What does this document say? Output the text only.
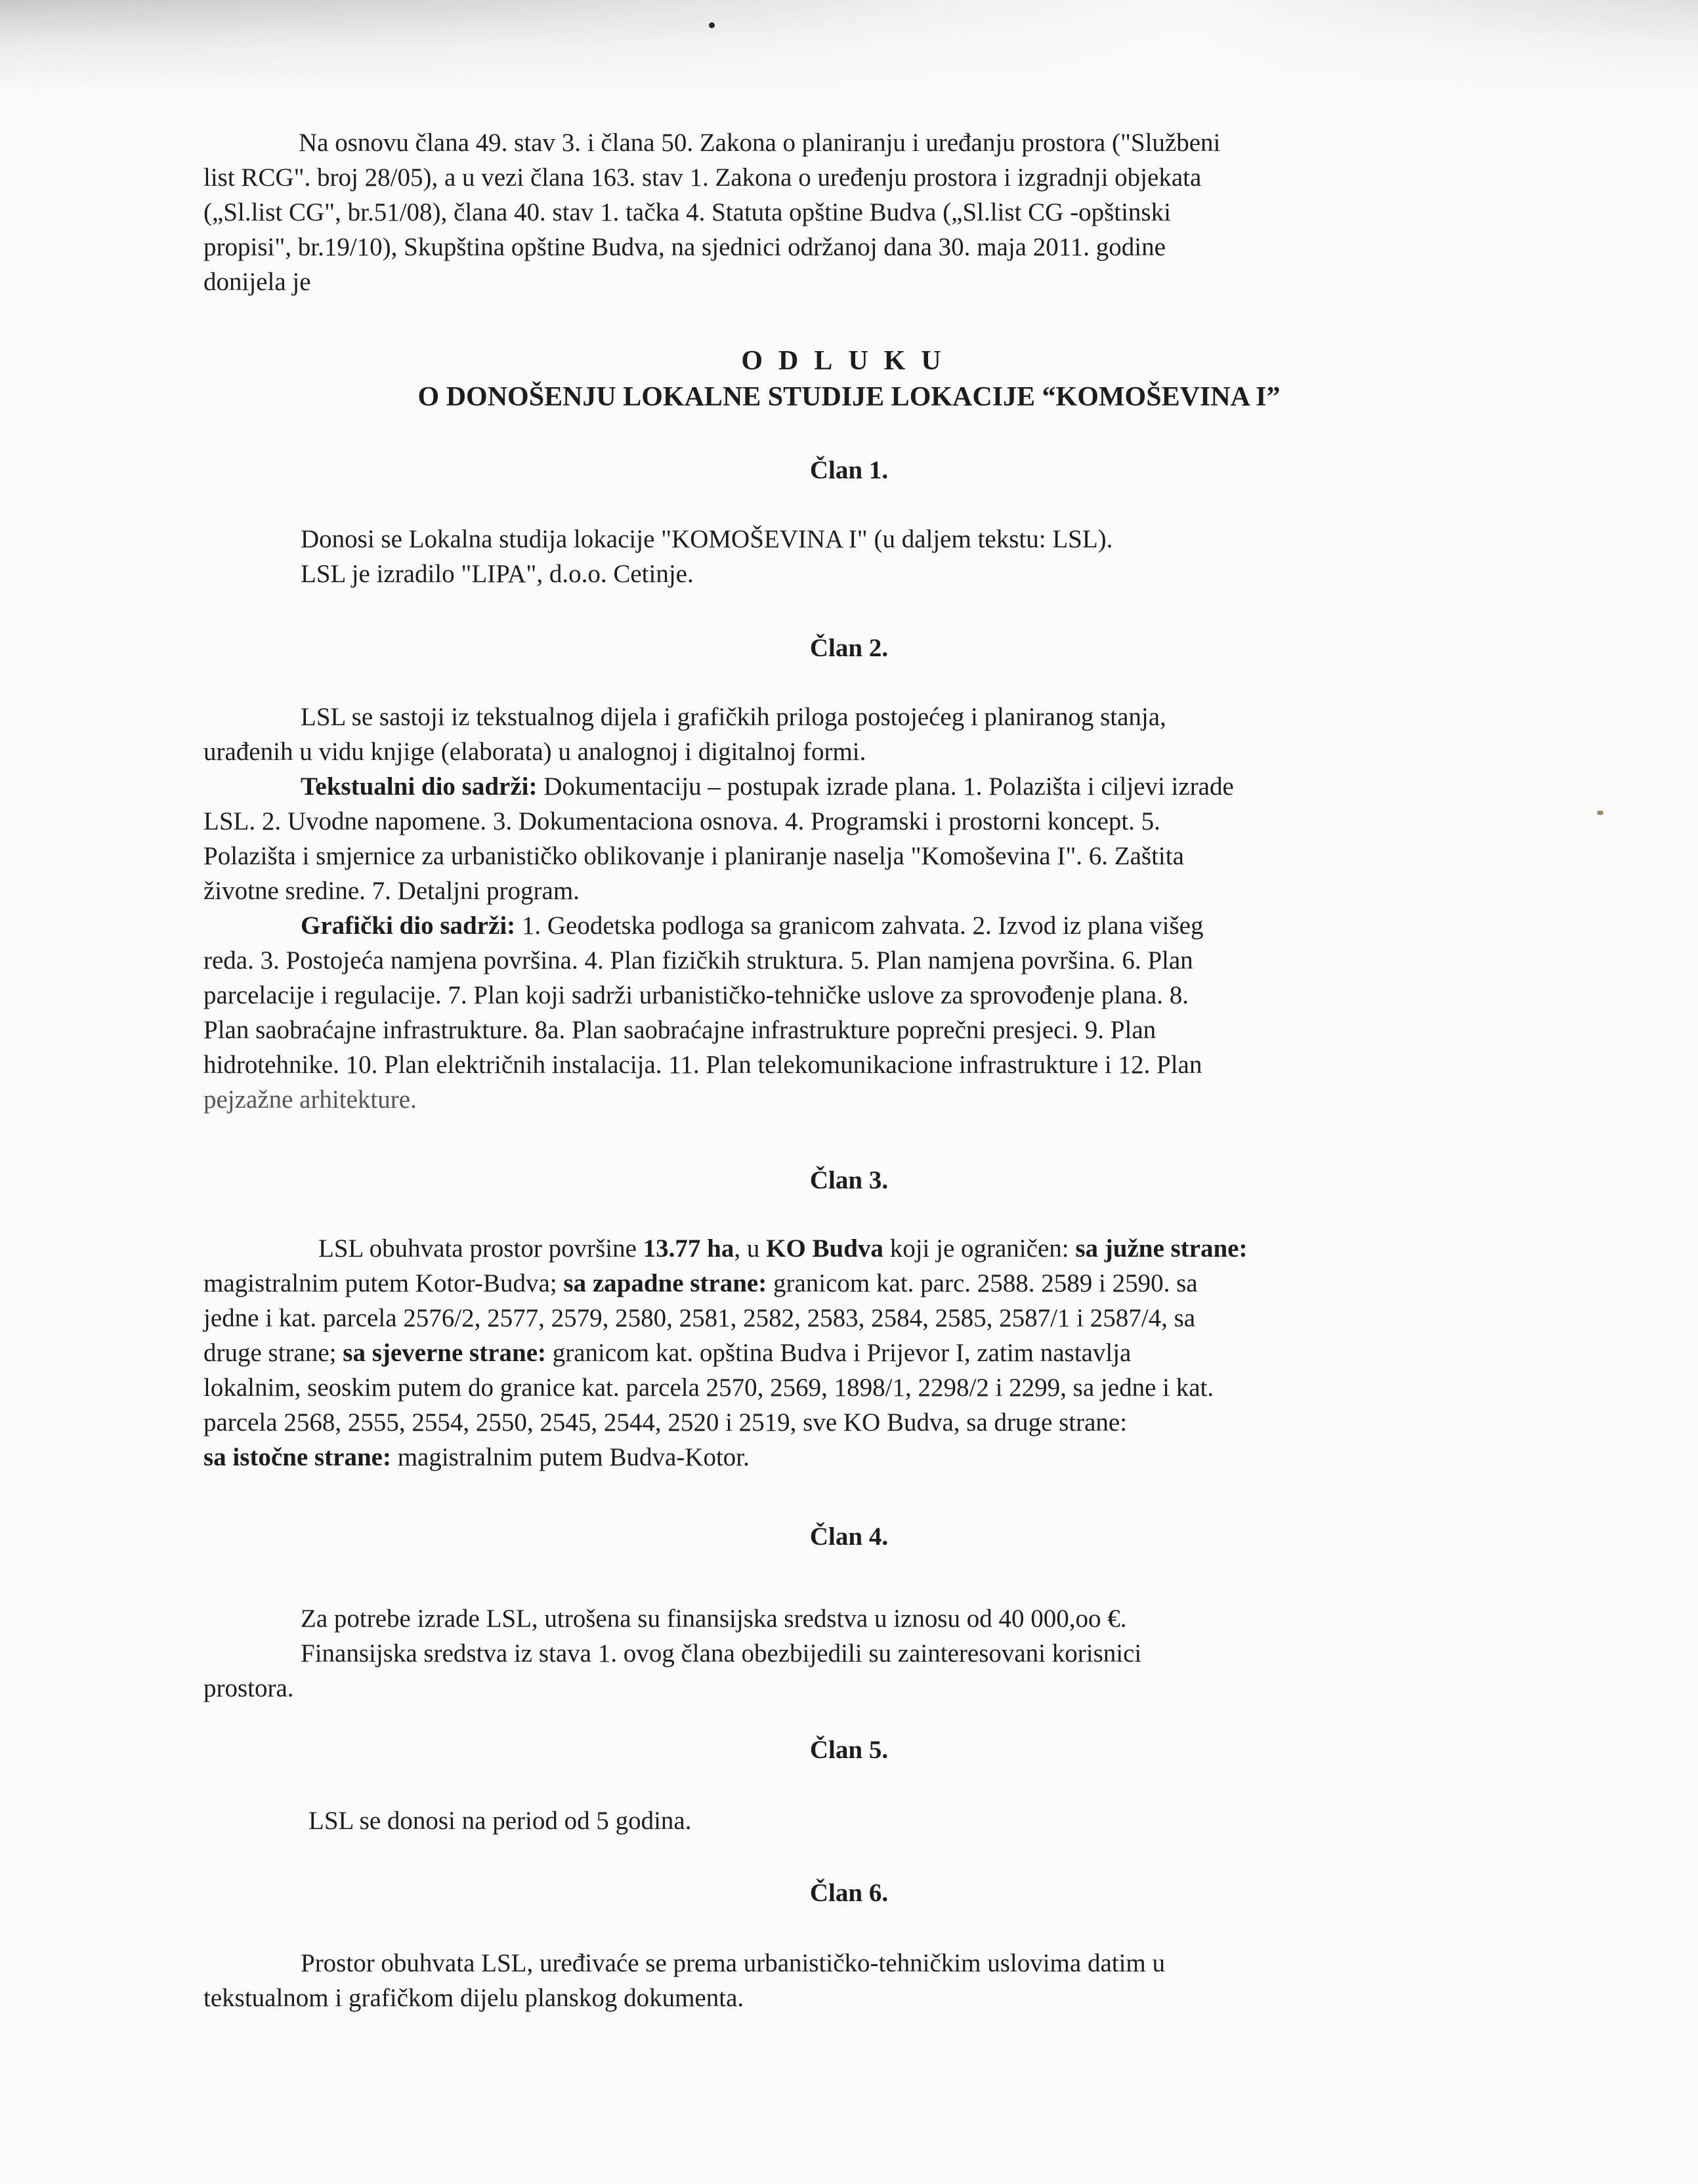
Na osnovu člana 49. stav 3. i člana 50. Zakona o planiranju i uređanju prostora ("Službeni
list RCG". broj 28/05), a u vezi člana 163. stav 1. Zakona o uređenju prostora i izgradnji objekata
(„Sl.list CG", br.51/08), člana 40. stav 1. tačka 4. Statuta opštine Budva („Sl.list CG -opštinski
propisi", br.19/10), Skupština opštine Budva, na sjednici održanoj dana 30. maja 2011. godine
donijela je
ODLUKU
O DONOŠENJU LOKALNE STUDIJE LOKACIJE “KOMOŠEVINA I”
Član 1.
Donosi se Lokalna studija lokacije "KOMOŠEVINA I" (u daljem tekstu: LSL).
LSL je izradilo "LIPA", d.o.o. Cetinje.
Član 2.
LSL se sastoji iz tekstualnog dijela i grafičkih priloga postojećeg i planiranog stanja,
urađenih u vidu knjige (elaborata) u analognoj i digitalnoj formi.
Tekstualni dio sadrži: Dokumentaciju – postupak izrade plana. 1. Polazišta i ciljevi izrade
LSL. 2. Uvodne napomene. 3. Dokumentaciona osnova. 4. Programski i prostorni koncept. 5.
Polazišta i smjernice za urbanističko oblikovanje i planiranje naselja "Komoševina I". 6. Zaštita
životne sredine. 7. Detaljni program.
Grafički dio sadrži: 1. Geodetska podloga sa granicom zahvata. 2. Izvod iz plana višeg
reda. 3. Postojeća namjena površina. 4. Plan fizičkih struktura. 5. Plan namjena površina. 6. Plan
parcelacije i regulacije. 7. Plan koji sadrži urbanističko-tehničke uslove za sprovođenje plana. 8.
Plan saobraćajne infrastrukture. 8a. Plan saobraćajne infrastrukture poprečni presjeci. 9. Plan
hidrotehnike. 10. Plan električnih instalacija. 11. Plan telekomunikacione infrastrukture i 12. Plan
pejzažne arhitekture.
Član 3.
LSL obuhvata prostor površine 13.77 ha, u KO Budva koji je ograničen: sa južne strane:
magistralnim putem Kotor-Budva; sa zapadne strane: granicom kat. parc. 2588. 2589 i 2590. sa
jedne i kat. parcela 2576/2, 2577, 2579, 2580, 2581, 2582, 2583, 2584, 2585, 2587/1 i 2587/4, sa
druge strane; sa sjeverne strane: granicom kat. opština Budva i Prijevor I, zatim nastavlja
lokalnim, seoskim putem do granice kat. parcela 2570, 2569, 1898/1, 2298/2 i 2299, sa jedne i kat.
parcela 2568, 2555, 2554, 2550, 2545, 2544, 2520 i 2519, sve KO Budva, sa druge strane:
sa istočne strane: magistralnim putem Budva-Kotor.
Član 4.
Za potrebe izrade LSL, utrošena su finansijska sredstva u iznosu od 40 000,oo €.
Finansijska sredstva iz stava 1. ovog člana obezbijedili su zainteresovani korisnici
prostora.
Član 5.
LSL se donosi na period od 5 godina.
Član 6.
Prostor obuhvata LSL, uređivaće se prema urbanističko-tehničkim uslovima datim u
tekstualnom i grafičkom dijelu planskog dokumenta.
